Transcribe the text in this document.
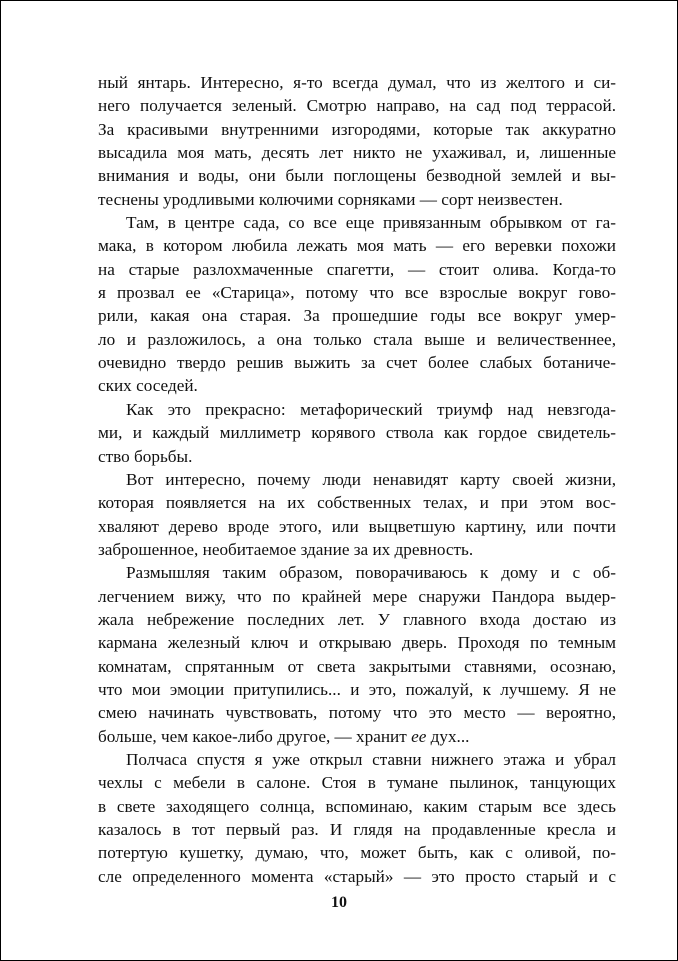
ный янтарь. Интересно, я-то всегда думал, что из желтого и си-
него получается зеленый. Смотрю направо, на сад под террасой.
За красивыми внутренними изгородями, которые так аккуратно
высадила моя мать, десять лет никто не ухаживал, и, лишенные
внимания и воды, они были поглощены безводной землей и вы-
теснены уродливыми колючими сорняками — сорт неизвестен.
Там, в центре сада, со все еще привязанным обрывком от га-
мака, в котором любила лежать моя мать — его веревки похожи
на старые разлохмаченные спагетти, — стоит олива. Когда-то
я прозвал ее «Старица», потому что все взрослые вокруг гово-
рили, какая она старая. За прошедшие годы все вокруг умер-
ло и разложилось, а она только стала выше и величественнее,
очевидно твердо решив выжить за счет более слабых ботаниче-
ских соседей.
Как это прекрасно: метафорический триумф над невзгода-
ми, и каждый миллиметр корявого ствола как гордое свидетель-
ство борьбы.
Вот интересно, почему люди ненавидят карту своей жизни,
которая появляется на их собственных телах, и при этом вос-
хваляют дерево вроде этого, или выцветшую картину, или почти
заброшенное, необитаемое здание за их древность.
Размышляя таким образом, поворачиваюсь к дому и с об-
легчением вижу, что по крайней мере снаружи Пандора выдер-
жала небрежение последних лет. У главного входа достаю из
кармана железный ключ и открываю дверь. Проходя по темным
комнатам, спрятанным от света закрытыми ставнями, осознаю,
что мои эмоции притупились... и это, пожалуй, к лучшему. Я не
смею начинать чувствовать, потому что это место — вероятно,
больше, чем какое-либо другое, — хранит ее дух...
Полчаса спустя я уже открыл ставни нижнего этажа и убрал
чехлы с мебели в салоне. Стоя в тумане пылинок, танцующих
в свете заходящего солнца, вспоминаю, каким старым все здесь
казалось в тот первый раз. И глядя на продавленные кресла и
потертую кушетку, думаю, что, может быть, как с оливой, по-
сле определенного момента «старый» — это просто старый и с
10
